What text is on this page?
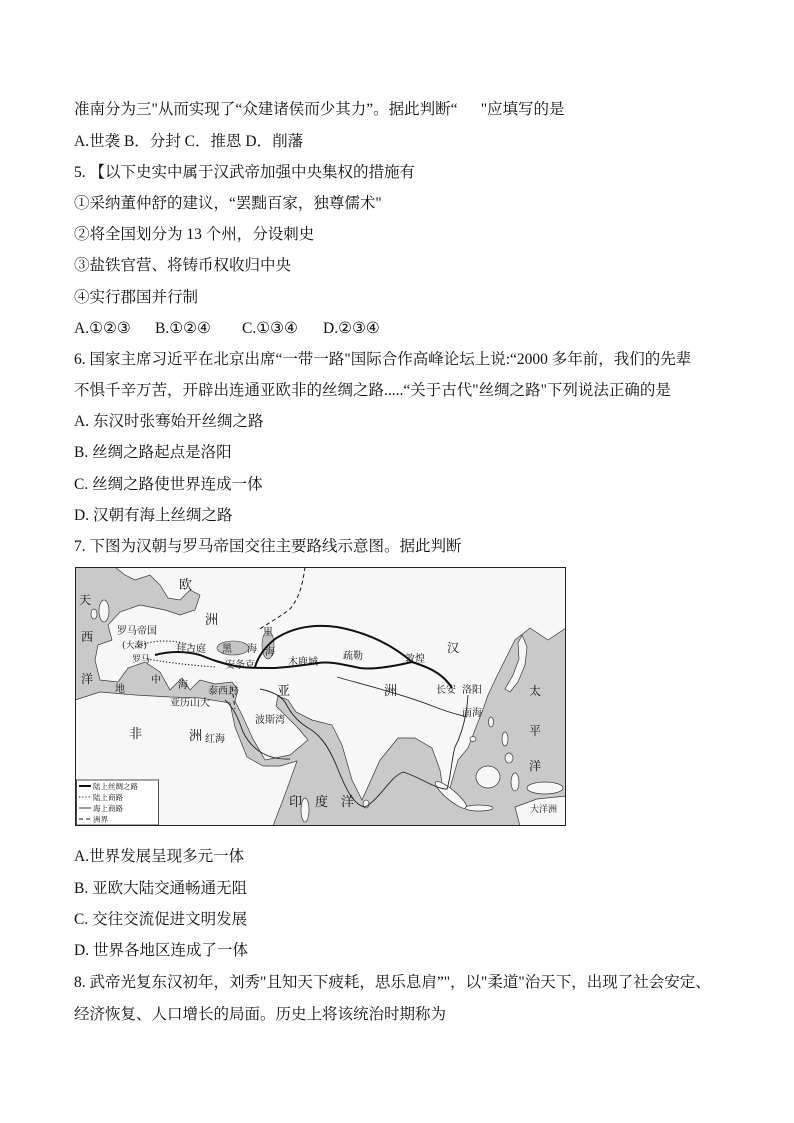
准南分为三"从而实现了“众建诸侯而少其力”。据此判断“      "应填写的是
A.世袭 B．分封 C．推恩 D．削藩
5. 【以下史实中属于汉武帝加强中央集权的措施有
①采纳董仲舒的建议，“罢黜百家，独尊儒术"
②将全国划分为 13 个州，分设刺史
③盐铁官营、将铸币权收归中央
④实行郡国并行制
A.①②③ B.①②④ C.①③④ D.②③④
6. 国家主席习近平在北京出席“一带一路"国际合作高峰论坛上说:“2000 多年前，我们的先辈
不惧千辛万苦，开辟出连通亚欧非的丝绸之路.....“关于古代"丝绸之路"下列说法正确的是
A. 东汉时张骞始开丝绸之路
B. 丝绸之路起点是洛阳
C. 丝绸之路使世界连成一体
D. 汉朝有海上丝绸之路
7. 下图为汉朝与罗马帝国交往主要路线示意图。据此判断
天
西
洋
欧
洲
罗马帝国
(大秦)
罗马
地
中 海
拜占庭 黑 海
里
海
安条克	木鹿城
疏勒	敦煌
汉
长安 洛阳
南海
亚	洲
泰西封
亚历山大
波斯湾
红海
非	洲
太
平
洋
印度洋	大洋洲
陆上丝绸之路
陆上商路
海上商路
洲界
A.世界发展呈现多元一体
B. 亚欧大陆交通畅通无阻
C. 交往交流促进文明发展
D. 世界各地区连成了一体
8. 武帝光复东汉初年，刘秀"且知天下疲耗，思乐息肩”"，以"柔道"治天下，出现了社会安定、
经济恢复、人口增长的局面。历史上将该统治时期称为
